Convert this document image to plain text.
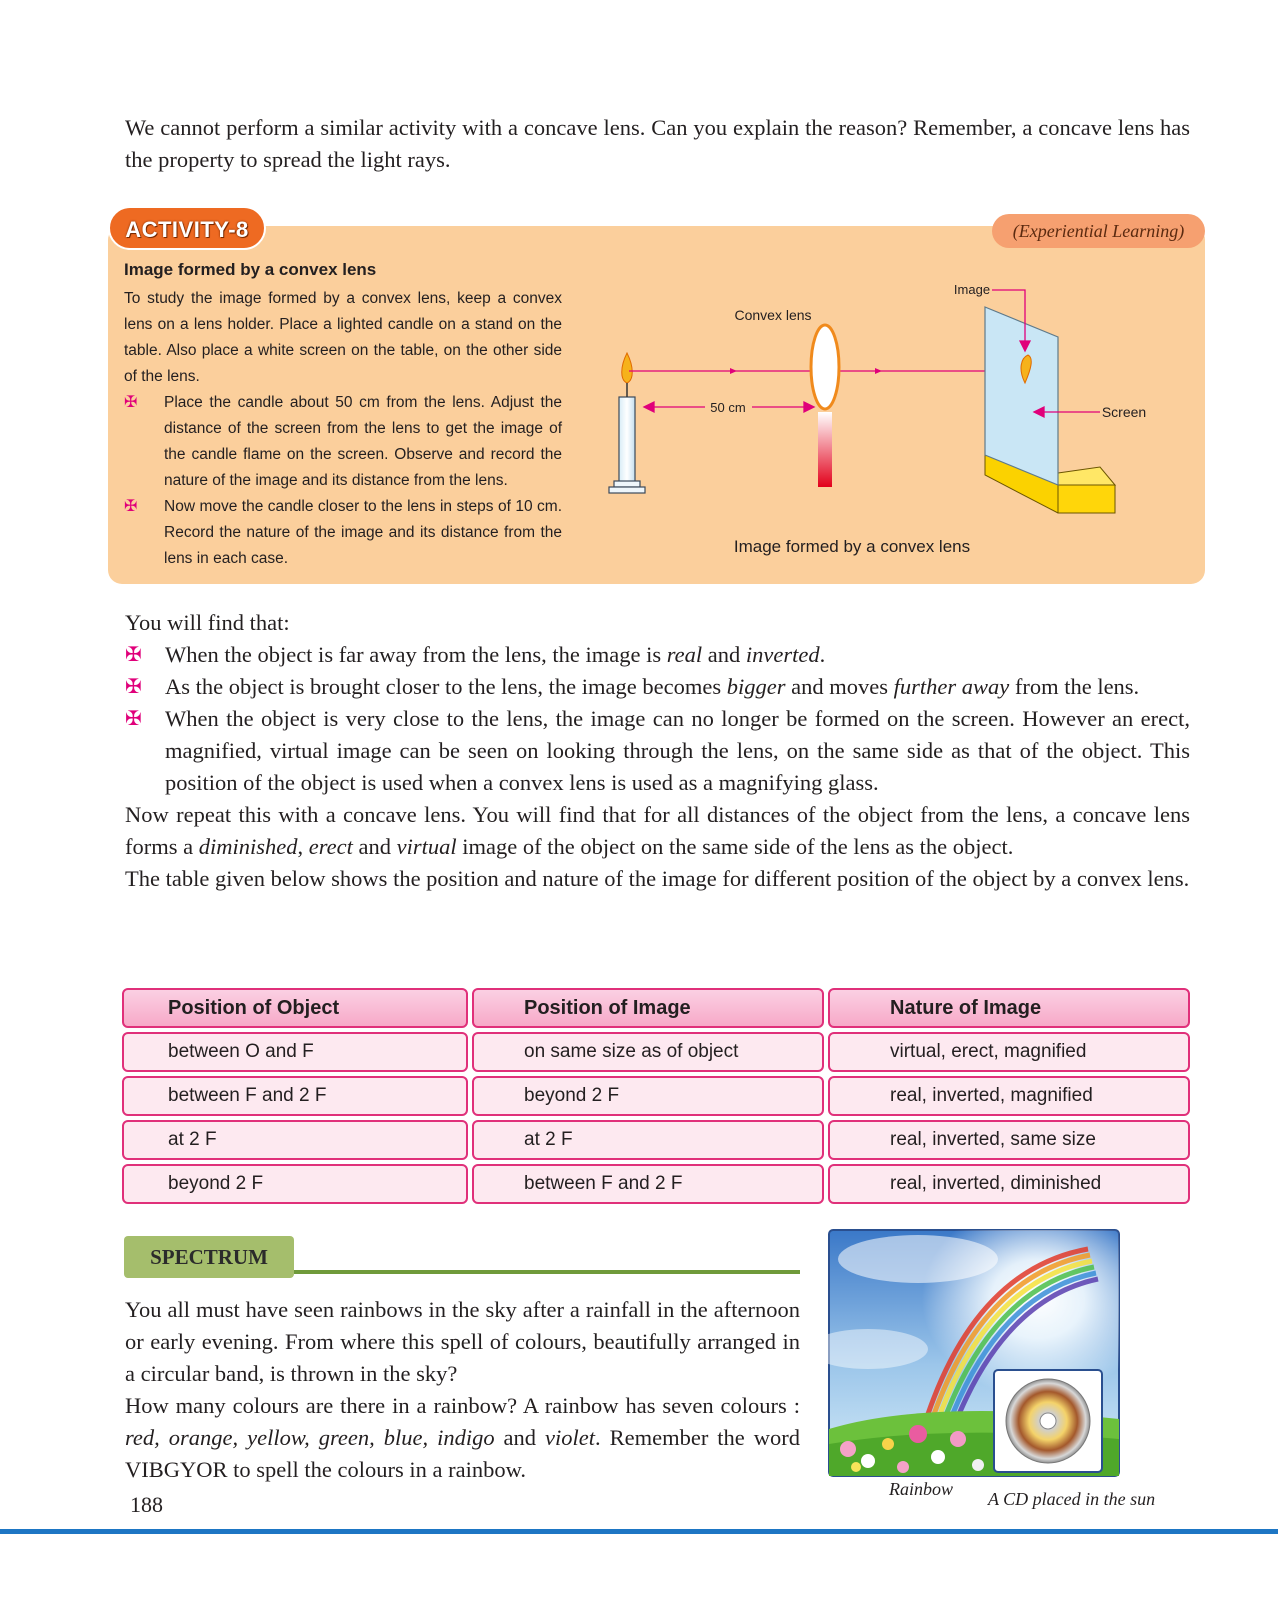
We cannot perform a similar activity with a concave lens. Can you explain the reason? Remember, a concave lens has the property to spread the light rays.

ACTIVITY-8	(Experiential Learning)
Image formed by a convex lens

To study the image formed by a convex lens, keep a convex lens on a lens holder. Place a lighted candle on a stand on the table. Also place a white screen on the table, on the other side of the lens.

✠ Place the candle about 50 cm from the lens. Adjust the distance of the screen from the lens to get the image of the candle flame on the screen. Observe and record the nature of the image and its distance from the lens.
✠ Now move the candle closer to the lens in steps of 10 cm. Record the nature of the image and its distance from the lens in each case.
50 cm
Convex lens
Image
Screen
Image formed by a convex lens

You will find that:

✠ When the object is far away from the lens, the image is real and inverted.
✠ As the object is brought closer to the lens, the image becomes bigger and moves further away from the lens.
✠ When the object is very close to the lens, the image can no longer be formed on the screen. However an erect, magnified, virtual image can be seen on looking through the lens, on the same side as that of the object. This position of the object is used when a convex lens is used as a magnifying glass.

Now repeat this with a concave lens. You will find that for all distances of the object from the lens, a concave lens forms a diminished, erect and virtual image of the object on the same side of the lens as the object.

The table given below shows the position and nature of the image for different position of the object by a convex lens.

Position of Object	Position of Image	Nature of Image
between O and F	on same size as of object	virtual, erect, magnified
between F and 2 F	beyond 2 F	real, inverted, magnified
at 2 F	at 2 F	real, inverted, same size
beyond 2 F	between F and 2 F	real, inverted, diminished
SPECTRUM

You all must have seen rainbows in the sky after a rainfall in the afternoon or early evening. From where this spell of colours, beautifully arranged in a circular band, is thrown in the sky?

How many colours are there in a rainbow? A rainbow has seven colours : red, orange, yellow, green, blue, indigo and violet. Remember the word VIBGYOR to spell the colours in a rainbow.

Rainbow A CD placed in the sun
188
